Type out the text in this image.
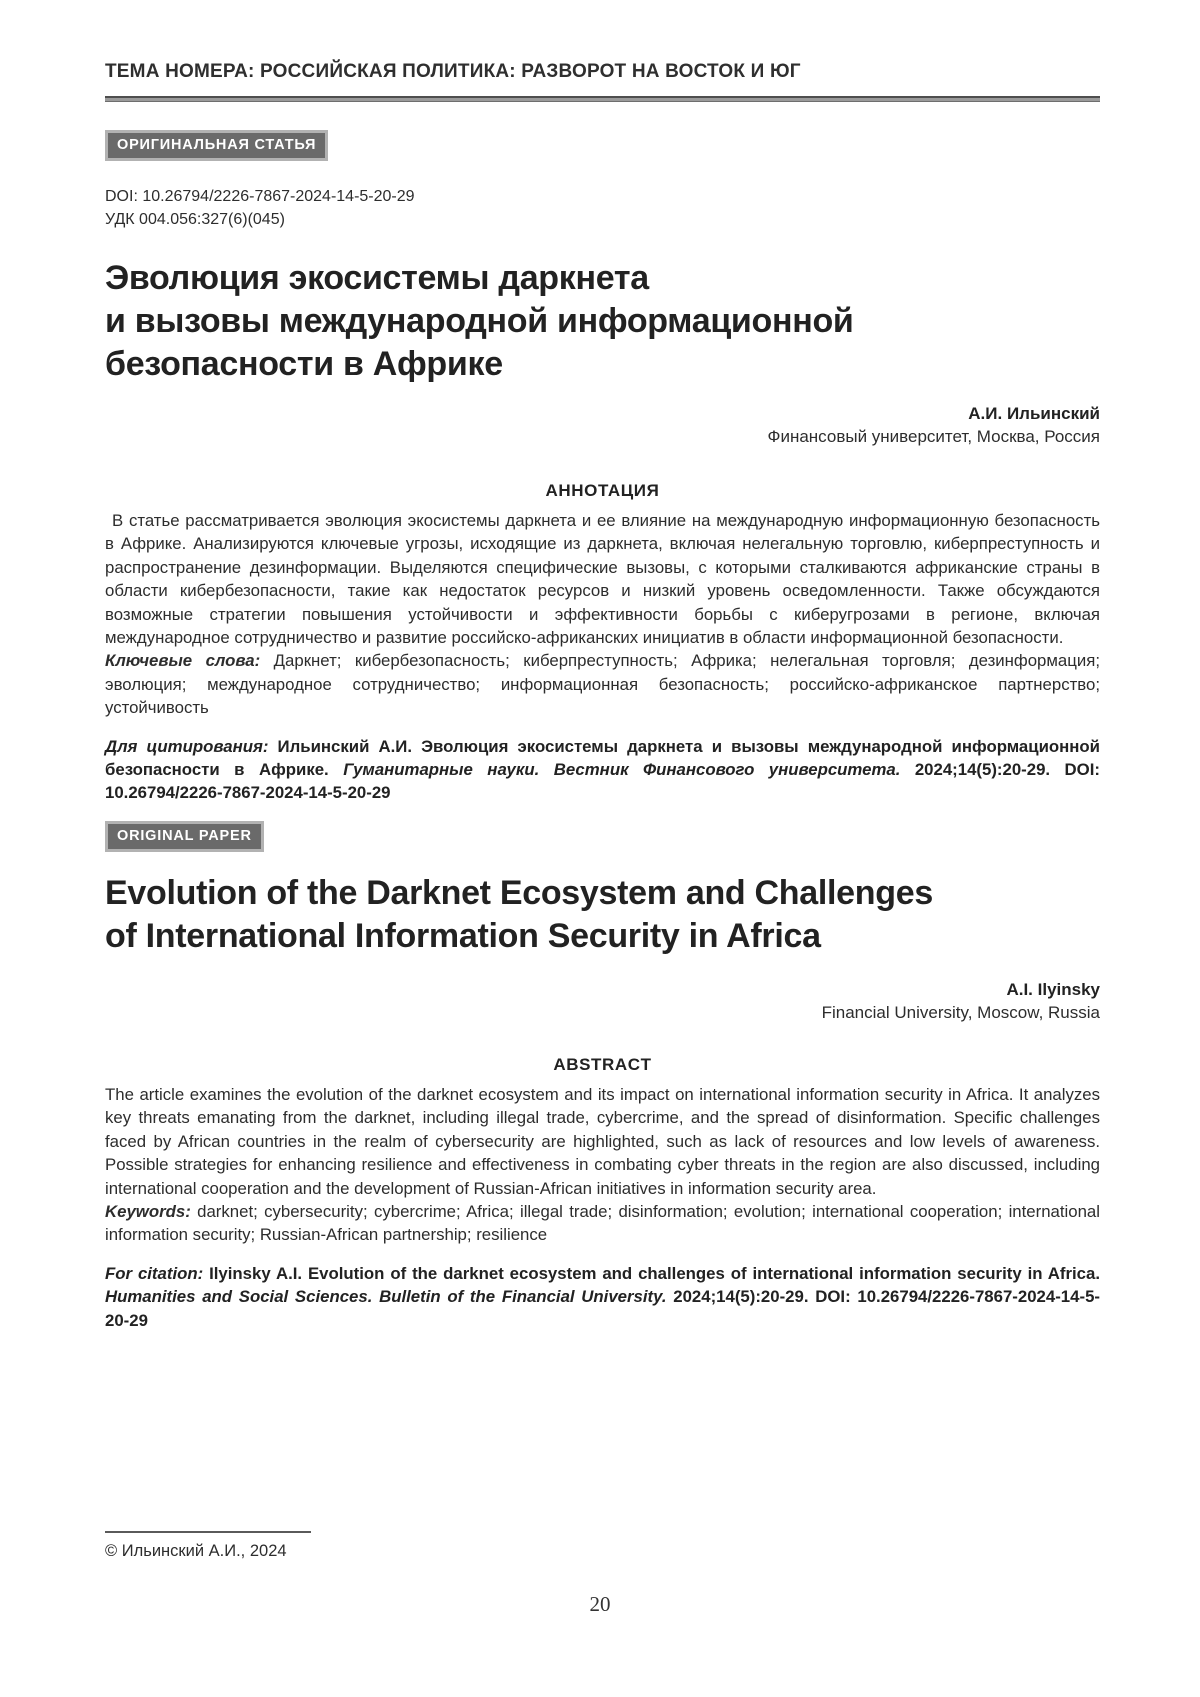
ТЕМА НОМЕРА: РОССИЙСКАЯ ПОЛИТИКА: РАЗВОРОТ НА ВОСТОК И ЮГ
ОРИГИНАЛЬНАЯ СТАТЬЯ
DOI: 10.26794/2226-7867-2024-14-5-20-29
УДК 004.056:327(6)(045)
Эволюция экосистемы даркнета
и вызовы международной информационной
безопасности в Африке
А.И. Ильинский
Финансовый университет, Москва, Россия
АННОТАЦИЯ

В статье рассматривается эволюция экосистемы даркнета и ее влияние на международную информационную безопасность в Африке. Анализируются ключевые угрозы, исходящие из даркнета, включая нелегальную торговлю, киберпреступность и распространение дезинформации. Выделяются специфические вызовы, с которыми сталкиваются африканские страны в области кибербезопасности, такие как недостаток ресурсов и низкий уровень осведомленности. Также обсуждаются возможные стратегии повышения устойчивости и эффективности борьбы с киберугрозами в регионе, включая международное сотрудничество и развитие российско-африканских инициатив в области информационной безопасности.

Ключевые слова: Даркнет; кибербезопасность; киберпреступность; Африка; нелегальная торговля; дезинформация; эволюция; международное сотрудничество; информационная безопасность; российско-африканское партнерство; устойчивость

Для цитирования: Ильинский А.И. Эволюция экосистемы даркнета и вызовы международной информационной безопасности в Африке. Гуманитарные науки. Вестник Финансового университета. 2024;14(5):20-29. DOI: 10.26794/2226-7867-2024-14-5-20-29

ORIGINAL PAPER
Evolution of the Darknet Ecosystem and Challenges
of International Information Security in Africa
A.I. Ilyinsky
Financial University, Moscow, Russia
ABSTRACT

The article examines the evolution of the darknet ecosystem and its impact on international information security in Africa. It analyzes key threats emanating from the darknet, including illegal trade, cybercrime, and the spread of disinformation. Specific challenges faced by African countries in the realm of cybersecurity are highlighted, such as lack of resources and low levels of awareness. Possible strategies for enhancing resilience and effectiveness in combating cyber threats in the region are also discussed, including international cooperation and the development of Russian-African initiatives in information security area.

Keywords: darknet; cybersecurity; cybercrime; Africa; illegal trade; disinformation; evolution; international cooperation; international information security; Russian-African partnership; resilience

For citation: Ilyinsky A.I. Evolution of the darknet ecosystem and challenges of international information security in Africa. Humanities and Social Sciences. Bulletin of the Financial University. 2024;14(5):20-29. DOI: 10.26794/2226-7867-2024-14-5-20-29

© Ильинский А.И., 2024
20
